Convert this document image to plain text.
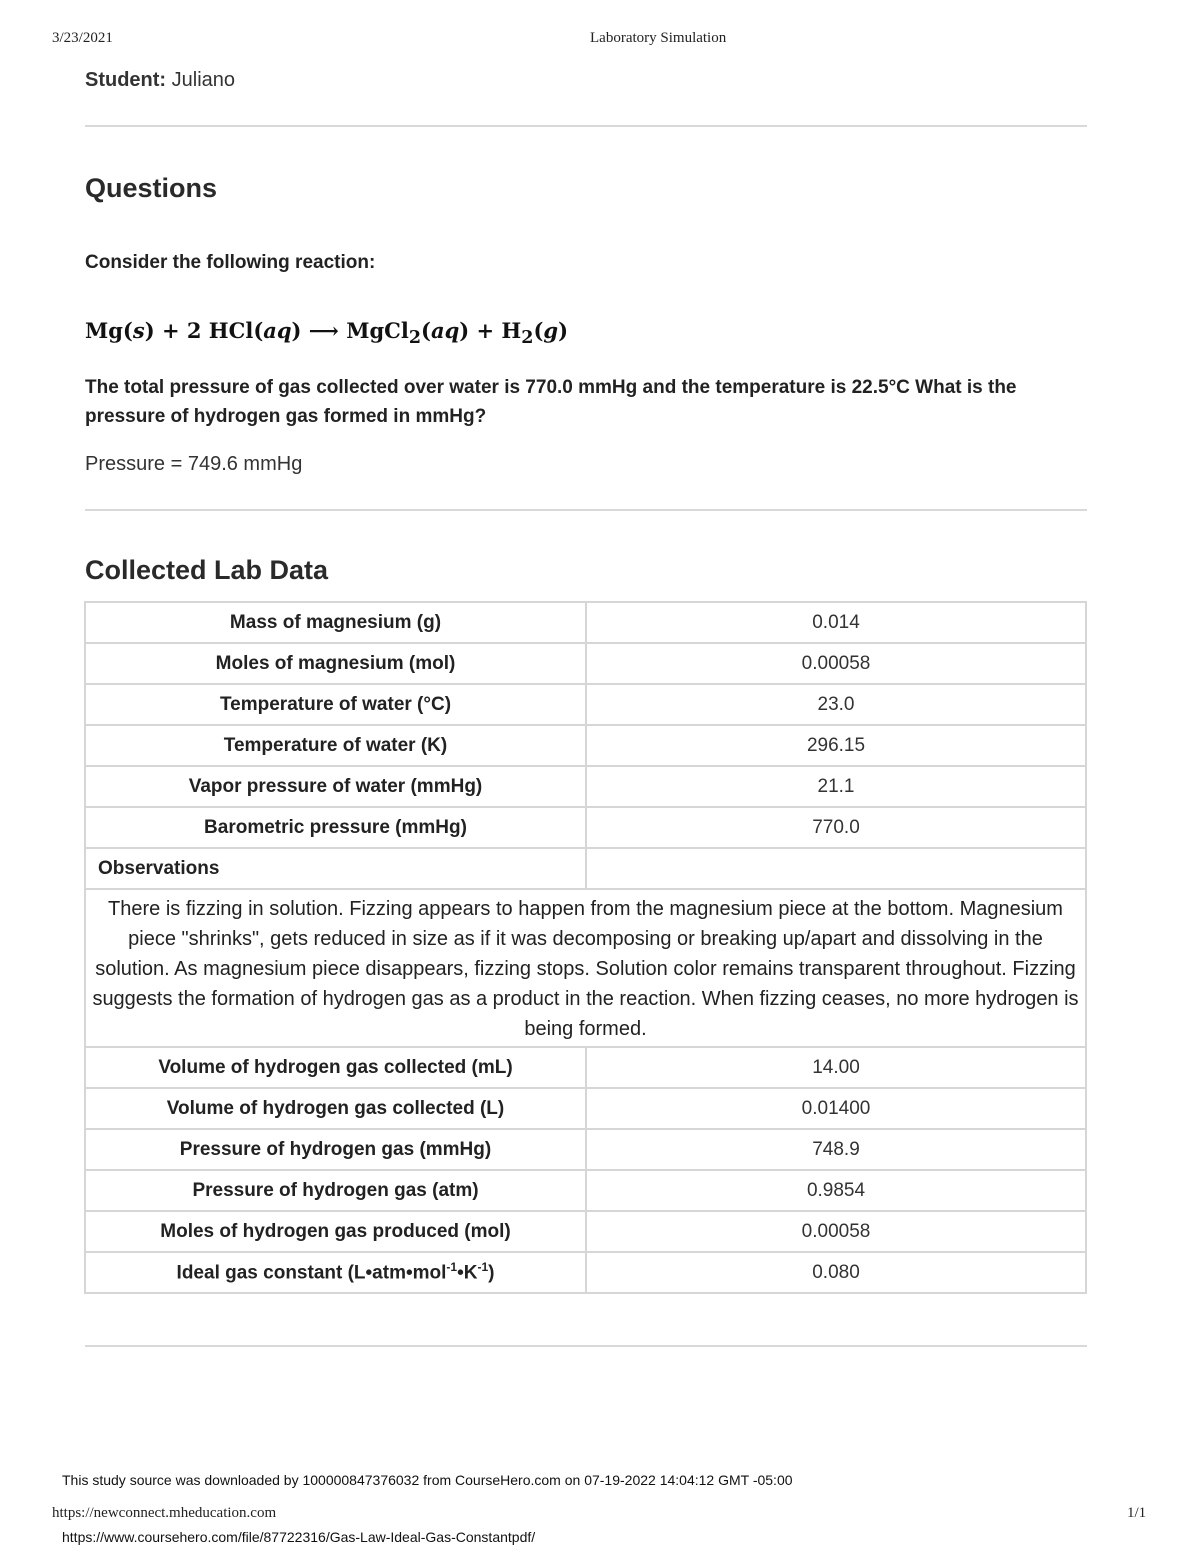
3/23/2021	Laboratory Simulation
Student: Juliano
Questions
Consider the following reaction:
Mg(s) + 2 HCl(aq) ⟶ MgCl$_2$(aq) + $H_2(g)$
The total pressure of gas collected over water is 770.0 mmHg and the temperature is 22.5°C What is the pressure of hydrogen gas formed in mmHg?
Pressure = 749.6 mmHg
Collected Lab Data
Mass of magnesium (g)	0.014
Moles of magnesium (mol)	0.00058
Temperature of water (°C)	23.0
Temperature of water (K)	296.15
Vapor pressure of water (mmHg)	21.1
Barometric pressure (mmHg)	770.0
Observations	
There is fizzing in solution. Fizzing appears to happen from the magnesium piece at the bottom. Magnesium piece "shrinks", gets reduced in size as if it was decomposing or breaking up/apart and dissolving in the solution. As magnesium piece disappears, fizzing stops. Solution color remains transparent throughout. Fizzing suggests the formation of hydrogen gas as a product in the reaction. When fizzing ceases, no more hydrogen is being formed.	
Volume of hydrogen gas collected (mL)	14.00
Volume of hydrogen gas collected (L)	0.01400
Pressure of hydrogen gas (mmHg)	748.9
Pressure of hydrogen gas (atm)	0.9854
Moles of hydrogen gas produced (mol)	0.00058
Ideal gas constant $(L•atm•mol^{-1}•K^{-1})$	0.080
This study source was downloaded by 100000847376032 from CourseHero.com on 07-19-2022 14:04:12 GMT -05:00
https://newconnect.mheducation.com	1/1
https://www.coursehero.com/file/87722316/Gas-Law-Ideal-Gas-Constantpdf/
